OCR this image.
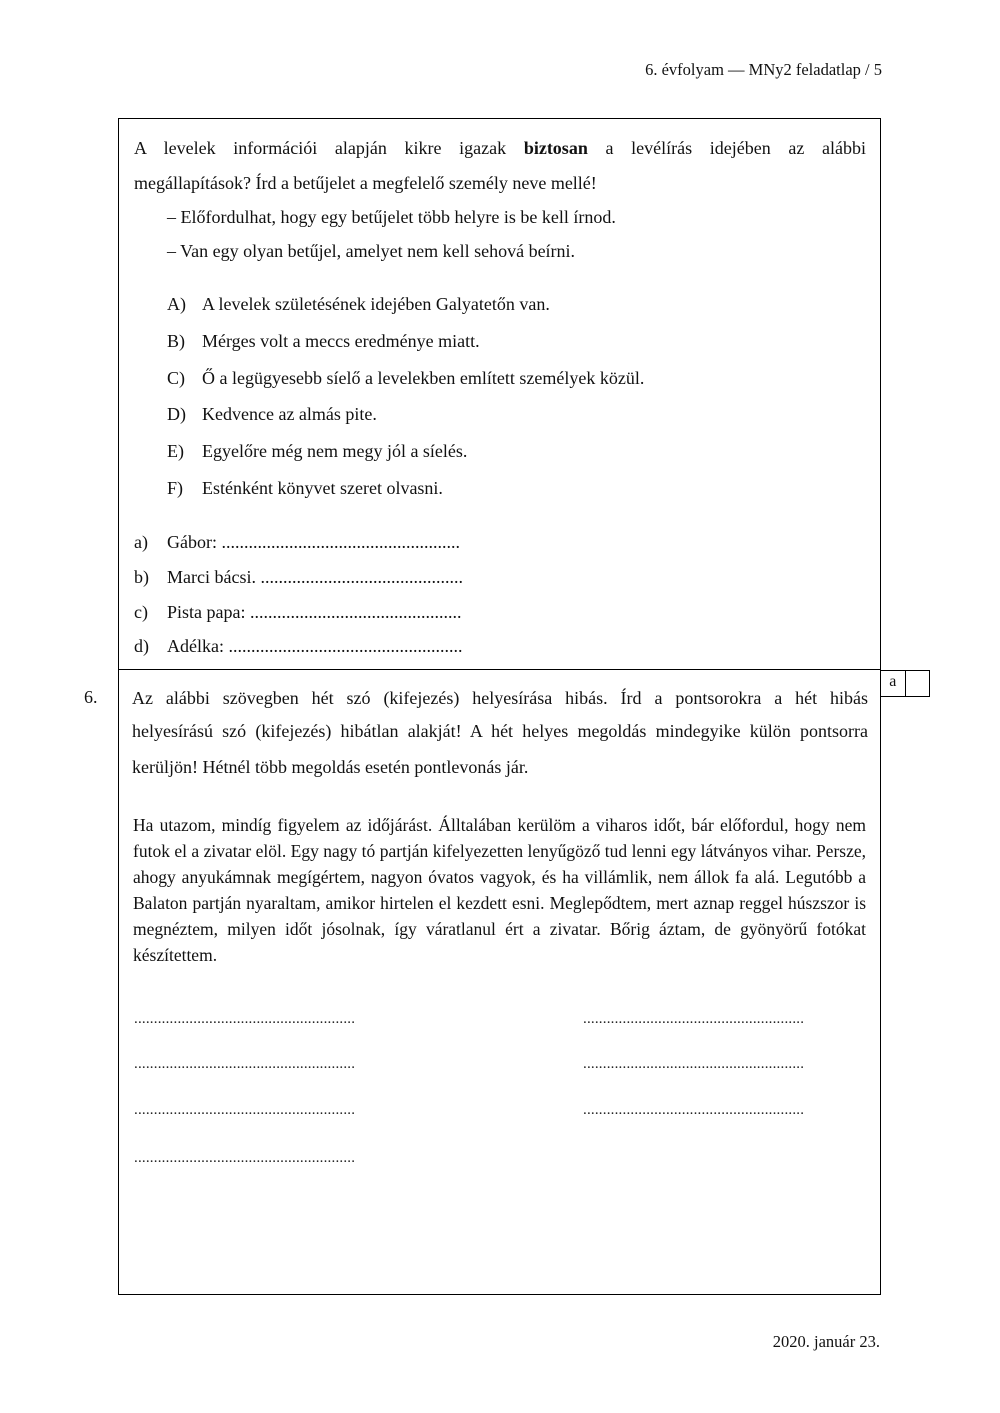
6. évfolyam — MNy2 feladatlap / 5
A levelek információi alapján kikre igazak biztosan a levélírás idejében az alábbi
megállapítások? Írd a betűjelet a megfelelő személy neve mellé!
– Előfordulhat, hogy egy betűjelet több helyre is be kell írnod.
– Van egy olyan betűjel, amelyet nem kell sehová beírni.
A) A levelek születésének idejében Galyatetőn van.
B) Mérges volt a meccs eredménye miatt.
C) Ő a legügyesebb síelő a levelekben említett személyek közül.
D) Kedvence az almás pite.
E) Egyelőre még nem megy jól a síelés.
F) Esténként könyvet szeret olvasni.
a) Gábor: .....................................................
b) Marci bácsi. .............................................
c) Pista papa: ...............................................
d) Adélka: ....................................................
6.
a
Az alábbi szövegben hét szó (kifejezés) helyesírása hibás. Írd a pontsorokra a hét hibás
helyesírású szó (kifejezés) hibátlan alakját! A hét helyes megoldás mindegyike külön pontsorra
kerüljön! Hétnél több megoldás esetén pontlevonás jár.
Ha utazom, mindíg figyelem az időjárást. Álltalában kerülöm a viharos időt, bár előfordul, hogy nem futok el a zivatar elöl. Egy nagy tó partján kifelyezetten lenyűgöző tud lenni egy látványos vihar. Persze, ahogy anyukámnak megígértem, nagyon óvatos vagyok, és ha villámlik, nem állok fa alá. Legutóbb a Balaton partján nyaraltam, amikor hirtelen el kezdett esni. Meglepődtem, mert aznap reggel húszszor is megnéztem, milyen időt jósolnak, így váratlanul ért a zivatar. Bőrig áztam, de gyönyörű fotókat készítettem.
........................................................	........................................................
........................................................	........................................................
........................................................	........................................................
........................................................
2020. január 23.
